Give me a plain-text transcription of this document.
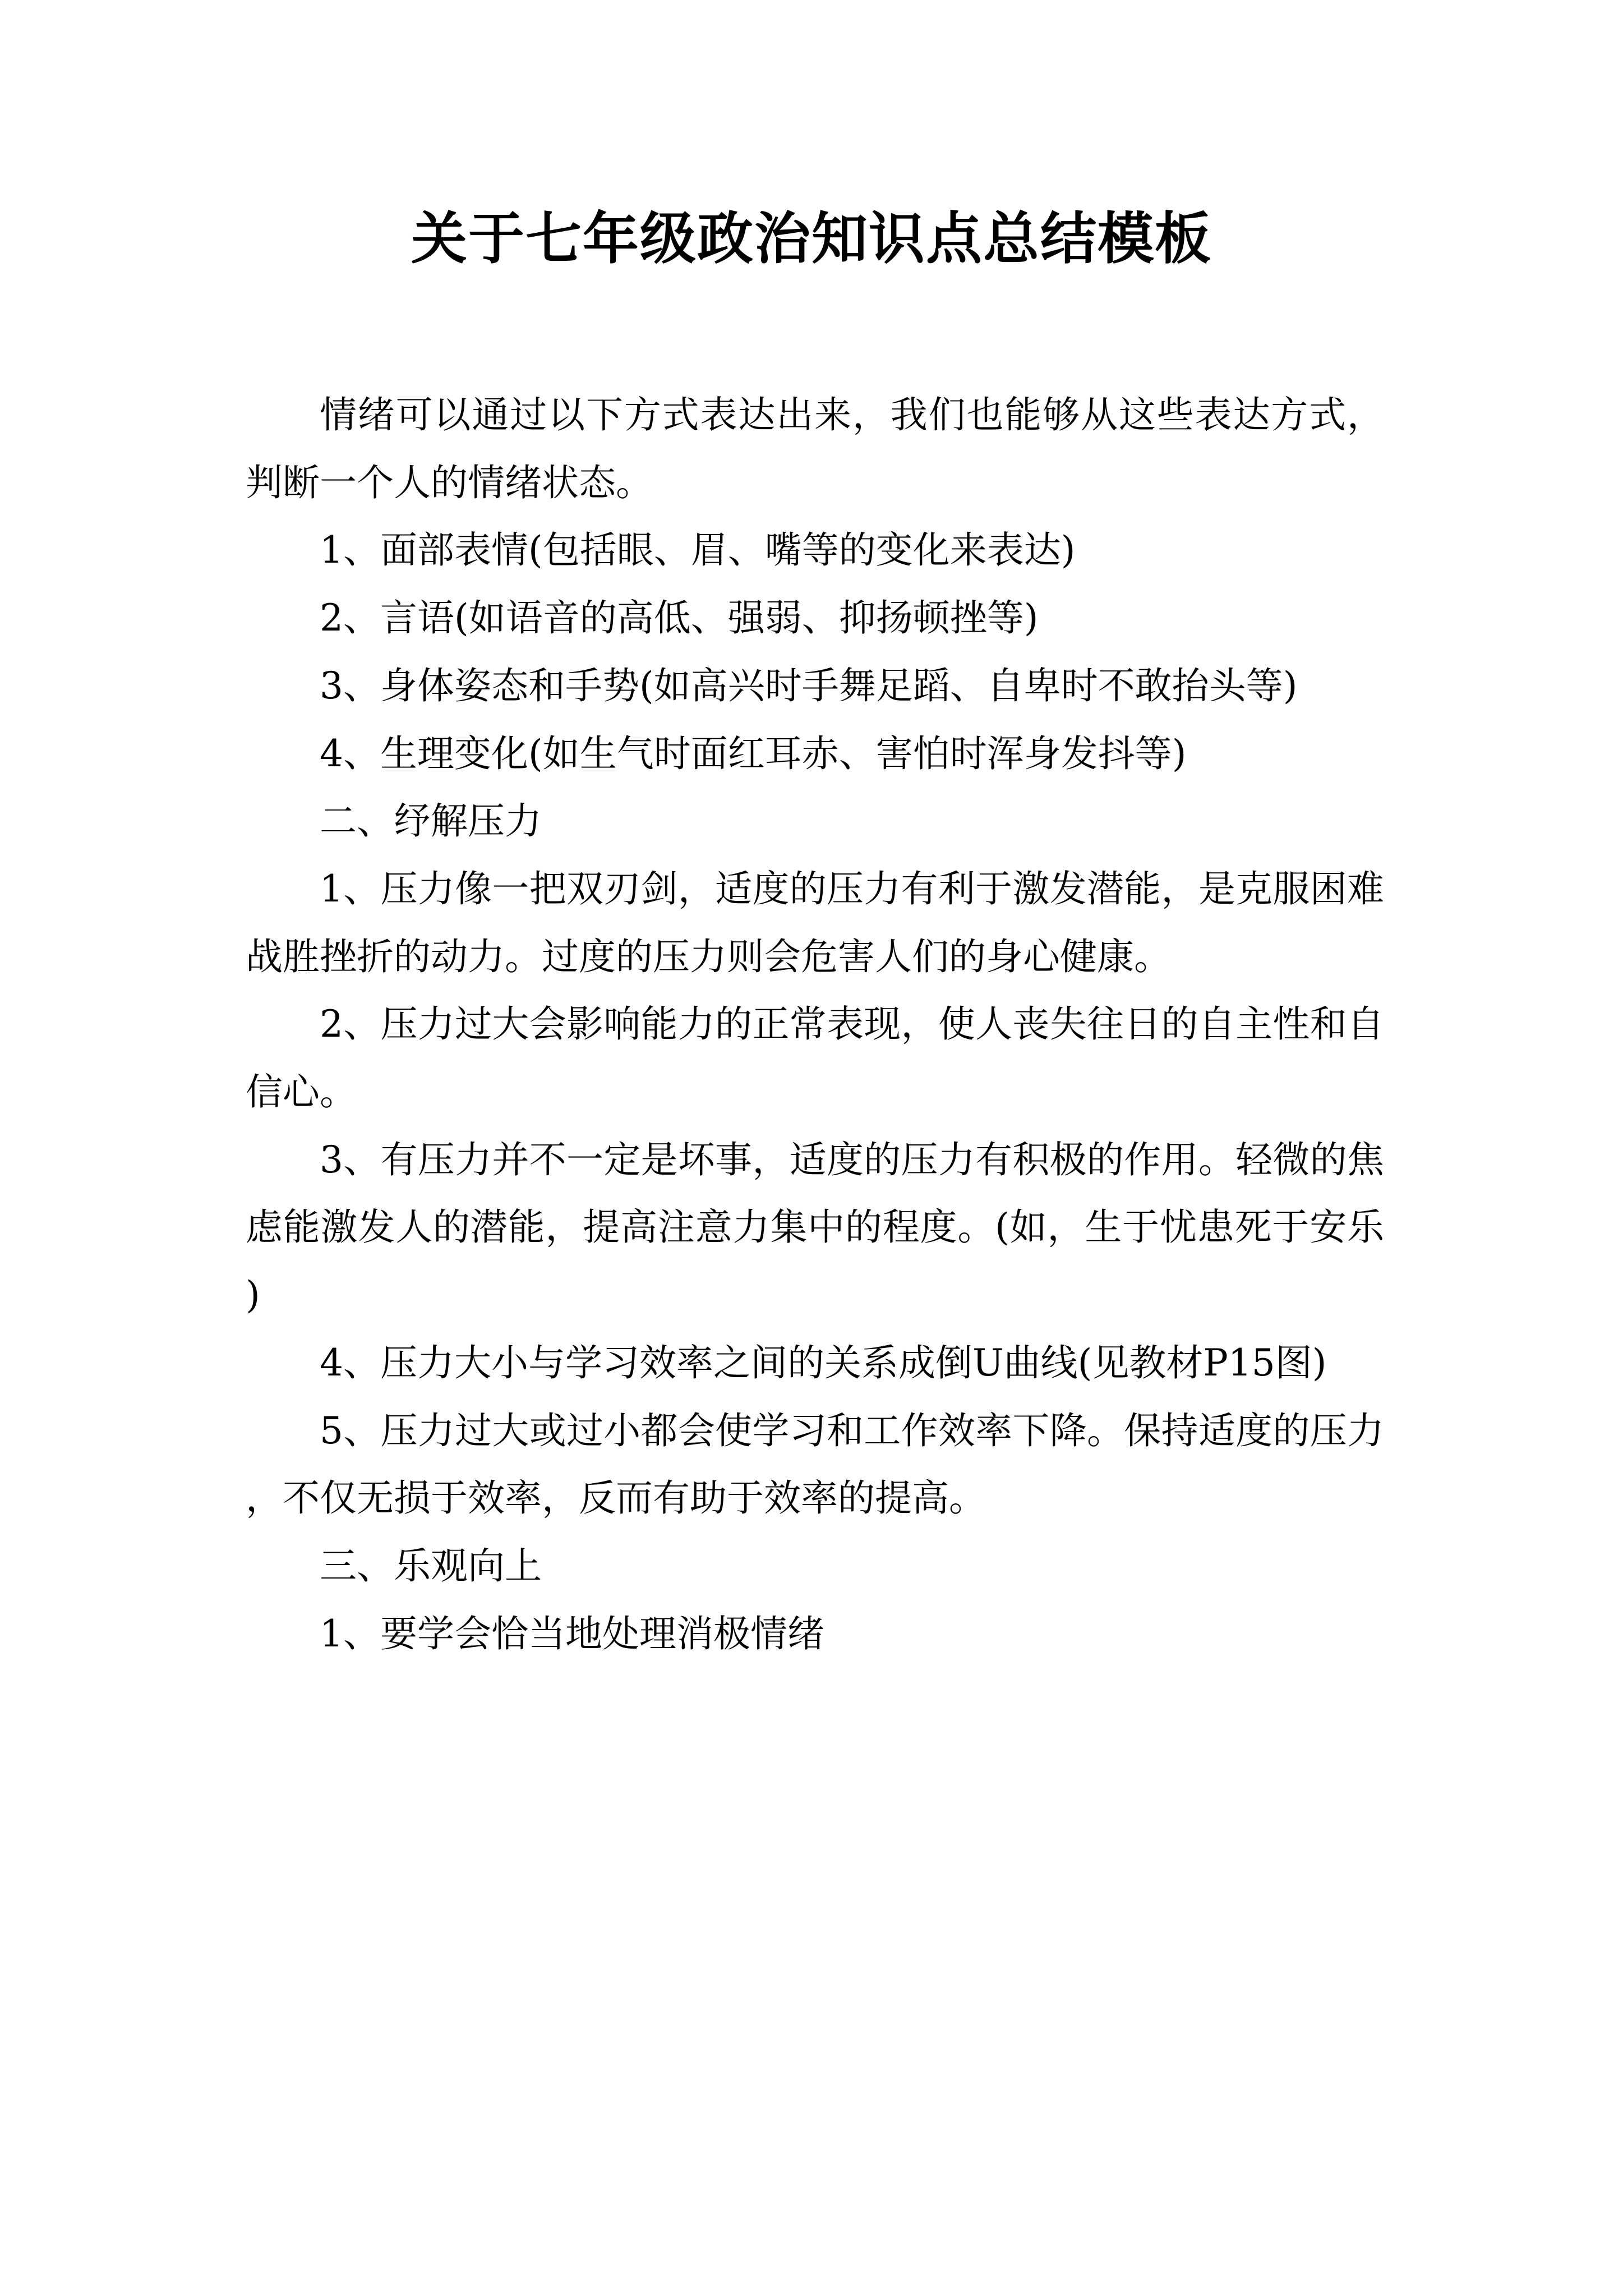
关于七年级政治知识点总结模板

情绪可以通过以下方式表达出来，我们也能够从这些表达方式，判断一个人的情绪状态。

1、面部表情(包括眼、眉、嘴等的变化来表达)

2、言语(如语音的高低、强弱、抑扬顿挫等)

3、身体姿态和手势(如高兴时手舞足蹈、自卑时不敢抬头等)

4、生理变化(如生气时面红耳赤、害怕时浑身发抖等)

二、纾解压力

1、压力像一把双刃剑，适度的压力有利于激发潜能，是克服困难战胜挫折的动力。过度的压力则会危害人们的身心健康。

2、压力过大会影响能力的正常表现，使人丧失往日的自主性和自信心。

3、有压力并不一定是坏事，适度的压力有积极的作用。轻微的焦虑能激发人的潜能，提高注意力集中的程度。(如，生于忧患死于安乐)

4、压力大小与学习效率之间的关系成倒U曲线(见教材P15图)

5、压力过大或过小都会使学习和工作效率下降。保持适度的压力，不仅无损于效率，反而有助于效率的提高。

三、乐观向上

1、要学会恰当地处理消极情绪
